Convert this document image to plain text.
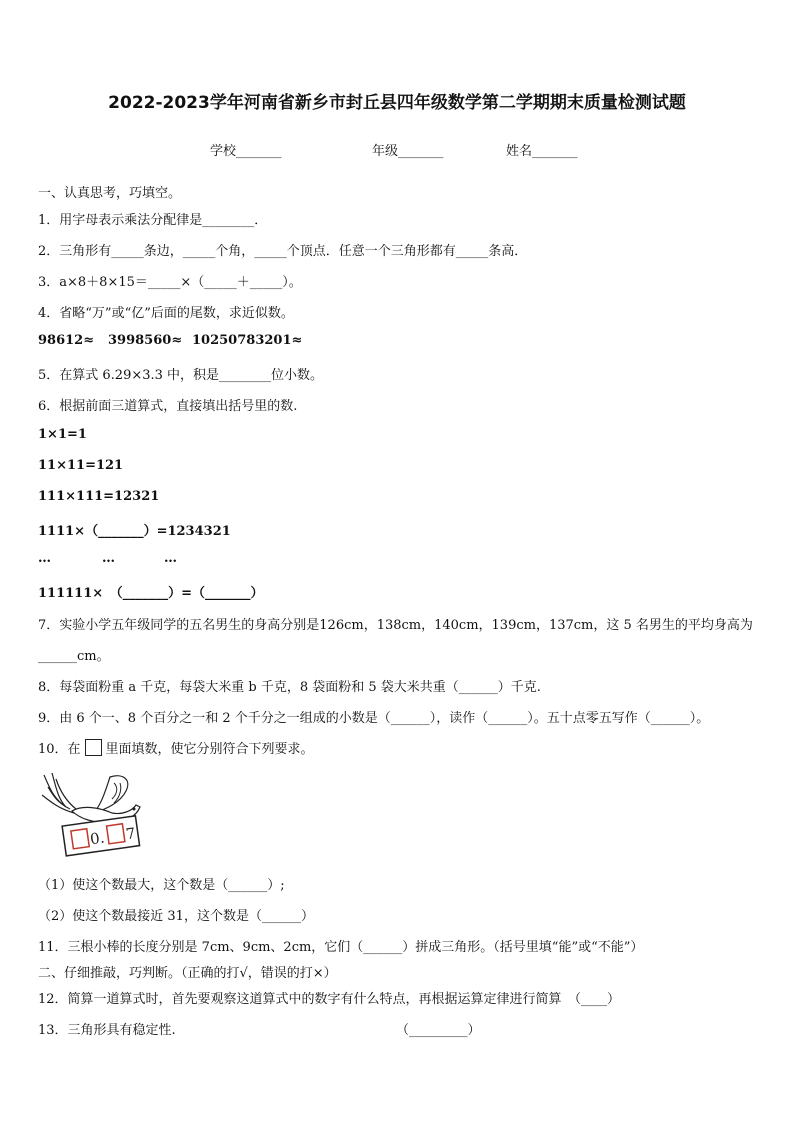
2022-2023学年河南省新乡市封丘县四年级数学第二学期期末质量检测试题
学校_______	年级_______	姓名_______
一、认真思考，巧填空。
1．用字母表示乘法分配律是________．
2．三角形有_____条边，_____个角，_____个顶点．任意一个三角形都有_____条高．
3．a×8＋8×15＝_____×（_____＋_____）。
4．省略“万”或“亿”后面的尾数，求近似数。
98612≈ 3998560≈ 10250783201≈
5．在算式 6.29×3.3 中，积是________位小数。
6．根据前面三道算式，直接填出括号里的数.
1×1=1
11×11=121
111×111=12321
1111×（_______）=1234321
…	…	…
111111×　（_______）=（_______）
7．实验小学五年级同学的五名男生的身高分别是126cm，138cm，140cm，139cm，137cm，这 5 名男生的平均身高为
______cm。
8．每袋面粉重 a 千克，每袋大米重 b 千克，8 袋面粉和 5 袋大米共重（______）千克.
9．由 6 个一、8 个百分之一和 2 个千分之一组成的小数是（______），读作（______）。五十点零五写作（______）。
10．在 里面填数，使它分别符合下列要求。
0. 7
（1）使这个数最大，这个数是（______）;
（2）使这个数最接近 31，这个数是（______）
11．三根小棒的长度分别是 7cm、9cm、2cm，它们（______）拼成三角形。（括号里填“能”或“不能”）
二、仔细推敲，巧判断。（正确的打√，错误的打×）
12．简算一道算式时，首先要观察这道算式中的数字有什么特点，再根据运算定律进行简算　（____）
13．三角形具有稳定性.	（_________）
